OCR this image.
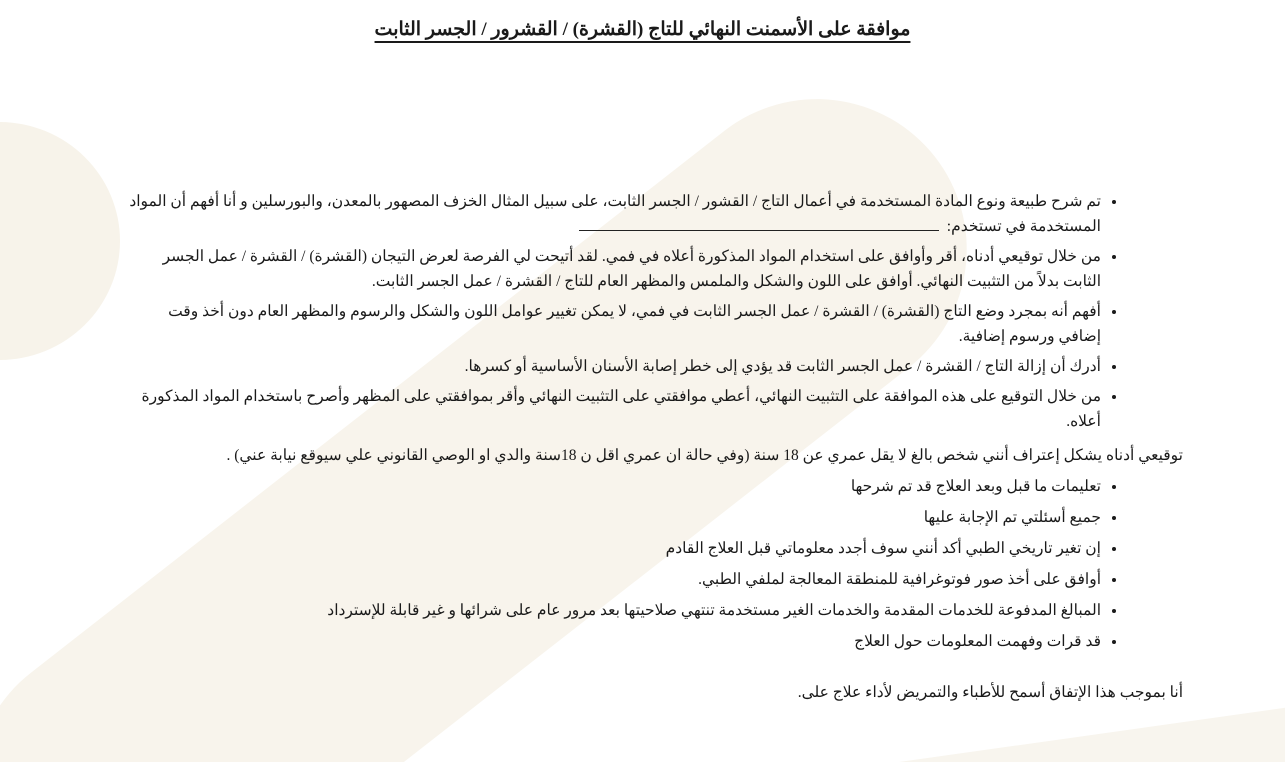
موافقة على الأسمنت النهائي للتاج (القشرة) / القشرور / الجسر الثابت
• تم شرح طبيعة ونوع المادة المستخدمة في أعمال التاج / القشور / الجسر الثابت، على سبيل المثال الخزف المصهور بالمعدن، والبورسلين و أنا أفهم أن المواد المستخدمة في تستخدم:
• من خلال توقيعي أدناه، أقر وأوافق على استخدام المواد المذكورة أعلاه في فمي. لقد أتيحت لي الفرصة لعرض التيجان (القشرة) / القشرة / عمل الجسر الثابت بدلاً من التثبيت النهائي. أوافق على اللون والشكل والملمس والمظهر العام للتاج / القشرة / عمل الجسر الثابت.
• أفهم أنه بمجرد وضع التاج (القشرة) / القشرة / عمل الجسر الثابت في فمي، لا يمكن تغيير عوامل اللون والشكل والرسوم والمظهر العام دون أخذ وقت إضافي ورسوم إضافية.
• أدرك أن إزالة التاج / القشرة / عمل الجسر الثابت قد يؤدي إلى خطر إصابة الأسنان الأساسية أو كسرها.
• من خلال التوقيع على هذه الموافقة على التثبيت النهائي، أعطي موافقتي على التثبيت النهائي وأقر بموافقتي على المظهر وأصرح باستخدام المواد المذكورة أعلاه.

توقيعي أدناه يشكل إعتراف أنني شخص بالغ لا يقل عمري عن 18 سنة (وفي حالة ان عمري اقل ن 18سنة والدي او الوصي القانوني علي سيوقع نيابة عني) .

• تعليمات ما قبل وبعد العلاج قد تم شرحها
• جميع أسئلتي تم الإجابة عليها
• إن تغير تاريخي الطبي أكد أنني سوف أجدد معلوماتي قبل العلاج القادم
• أوافق على أخذ صور فوتوغرافية للمنطقة المعالجة لملفي الطبي.
• المبالغ المدفوعة للخدمات المقدمة والخدمات الغير مستخدمة تنتهي صلاحيتها بعد مرور عام على شرائها و غير قابلة للإسترداد
• قد قرات وفهمت المعلومات حول العلاج

أنا بموجب هذا الإتفاق أسمح للأطباء والتمريض لأداء علاج على.
